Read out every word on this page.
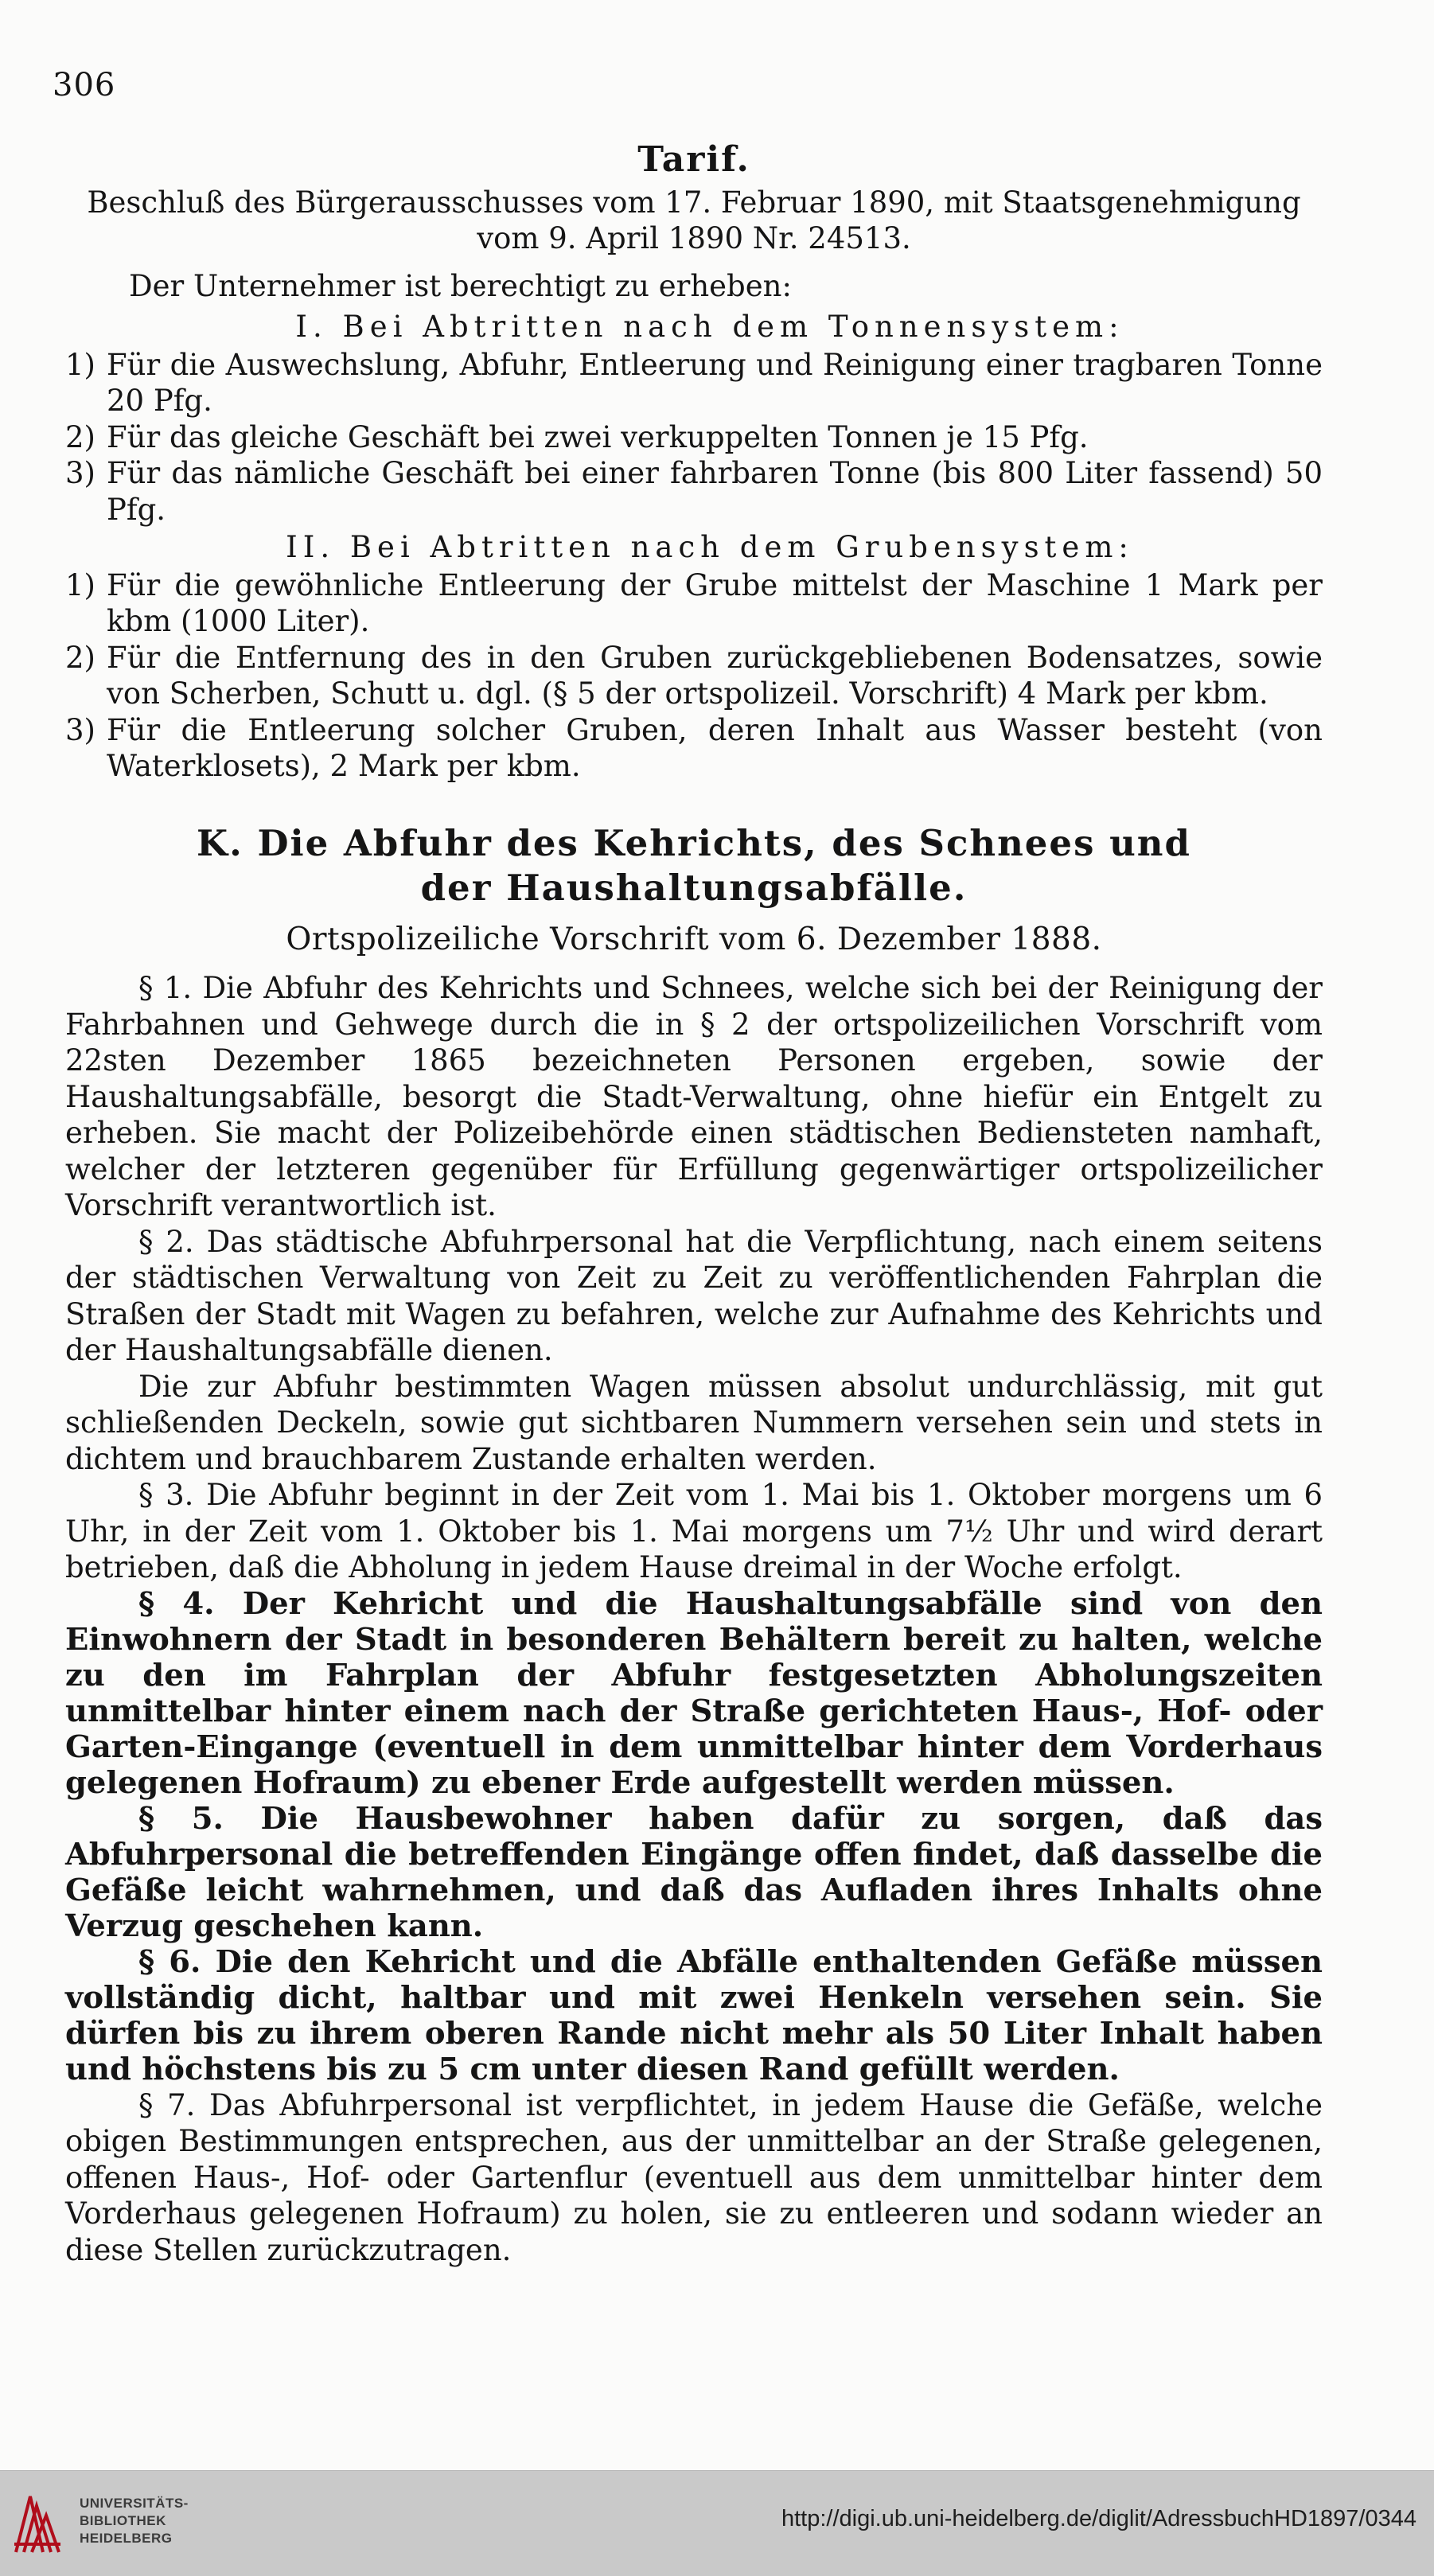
306
Tarif.
Beschluß des Bürgerausschusses vom 17. Februar 1890, mit Staatsgenehmigung vom 9. April 1890 Nr. 24513.
Der Unternehmer ist berechtigt zu erheben:
I. Bei Abtritten nach dem Tonnensystem:
1) Für die Auswechslung, Abfuhr, Entleerung und Reinigung einer tragbaren Tonne 20 Pfg.
2) Für das gleiche Geschäft bei zwei verkuppelten Tonnen je 15 Pfg.
3) Für das nämliche Geschäft bei einer fahrbaren Tonne (bis 800 Liter fassend) 50 Pfg.
II. Bei Abtritten nach dem Grubensystem:
1) Für die gewöhnliche Entleerung der Grube mittelst der Maschine 1 Mark per kbm (1000 Liter).
2) Für die Entfernung des in den Gruben zurückgebliebenen Bodensatzes, sowie von Scherben, Schutt u. dgl. (§ 5 der ortspolizeil. Vorschrift) 4 Mark per kbm.
3) Für die Entleerung solcher Gruben, deren Inhalt aus Wasser besteht (von Waterklosets), 2 Mark per kbm.
K. Die Abfuhr des Kehrichts, des Schnees und der Haushaltungsabfälle.
Ortspolizeiliche Vorschrift vom 6. Dezember 1888.
§ 1. Die Abfuhr des Kehrichts und Schnees, welche sich bei der Reinigung der Fahrbahnen und Gehwege durch die in § 2 der ortspolizeilichen Vorschrift vom 22sten Dezember 1865 bezeichneten Personen ergeben, sowie der Haushaltungsabfälle, besorgt die Stadt-Verwaltung, ohne hiefür ein Entgelt zu erheben. Sie macht der Polizeibehörde einen städtischen Bediensteten namhaft, welcher der letzteren gegenüber für Erfüllung gegenwärtiger ortspolizeilicher Vorschrift verantwortlich ist.
§ 2. Das städtische Abfuhrpersonal hat die Verpflichtung, nach einem seitens der städtischen Verwaltung von Zeit zu Zeit zu veröffentlichenden Fahrplan die Straßen der Stadt mit Wagen zu befahren, welche zur Aufnahme des Kehrichts und der Haushaltungsabfälle dienen.
Die zur Abfuhr bestimmten Wagen müssen absolut undurchlässig, mit gut schließenden Deckeln, sowie gut sichtbaren Nummern versehen sein und stets in dichtem und brauchbarem Zustande erhalten werden.
§ 3. Die Abfuhr beginnt in der Zeit vom 1. Mai bis 1. Oktober morgens um 6 Uhr, in der Zeit vom 1. Oktober bis 1. Mai morgens um 7½ Uhr und wird derart betrieben, daß die Abholung in jedem Hause dreimal in der Woche erfolgt.
§ 4. Der Kehricht und die Haushaltungsabfälle sind von den Einwohnern der Stadt in besonderen Behältern bereit zu halten, welche zu den im Fahrplan der Abfuhr festgesetzten Abholungszeiten unmittelbar hinter einem nach der Straße gerichteten Haus-, Hof- oder Garten-Eingange (eventuell in dem unmittelbar hinter dem Vorderhaus gelegenen Hofraum) zu ebener Erde aufgestellt werden müssen.
§ 5. Die Hausbewohner haben dafür zu sorgen, daß das Abfuhrpersonal die betreffenden Eingänge offen findet, daß dasselbe die Gefäße leicht wahrnehmen, und daß das Aufladen ihres Inhalts ohne Verzug geschehen kann.
§ 6. Die den Kehricht und die Abfälle enthaltenden Gefäße müssen vollständig dicht, haltbar und mit zwei Henkeln versehen sein. Sie dürfen bis zu ihrem oberen Rande nicht mehr als 50 Liter Inhalt haben und höchstens bis zu 5 cm unter diesen Rand gefüllt werden.
§ 7. Das Abfuhrpersonal ist verpflichtet, in jedem Hause die Gefäße, welche obigen Bestimmungen entsprechen, aus der unmittelbar an der Straße gelegenen, offenen Haus-, Hof- oder Gartenflur (eventuell aus dem unmittelbar hinter dem Vorderhaus gelegenen Hofraum) zu holen, sie zu entleeren und sodann wieder an diese Stellen zurückzutragen.
UNIVERSITÄTS-
BIBLIOTHEK
HEIDELBERG
http://digi.ub.uni-heidelberg.de/diglit/AdressbuchHD1897/0344
